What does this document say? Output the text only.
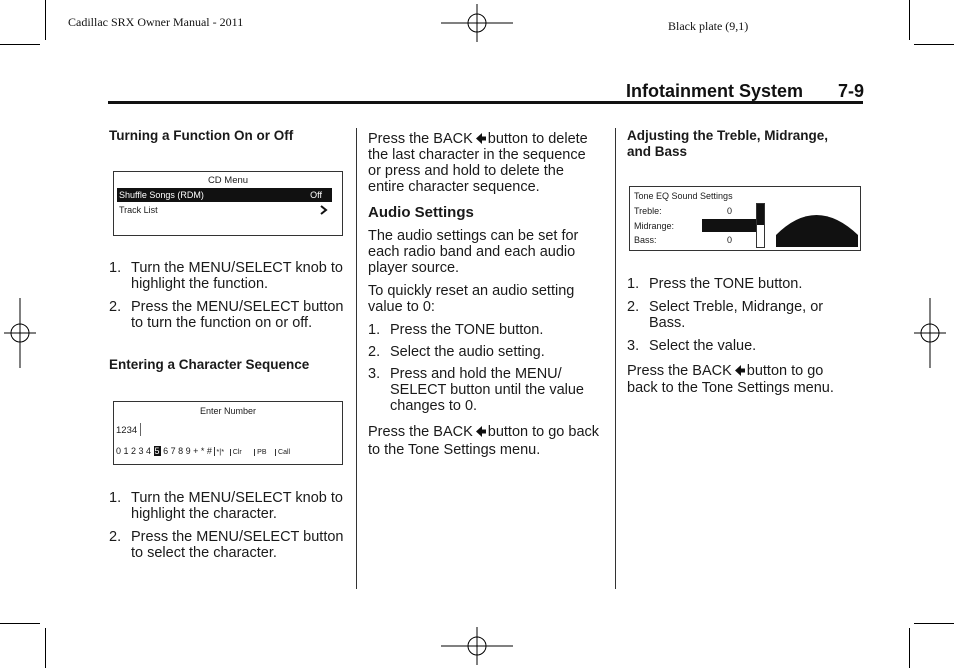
Cadillac SRX Owner Manual - 2011	Black plate (9,1)
Infotainment System 7-9
Turning a Function On or Off
CD Menu
Shuffle Songs (RDM)	Off
Track List
1. Turn the MENU/SELECT knob to highlight the function.
2. Press the MENU/SELECT button to turn the function on or off.
Entering a Character Sequence
Enter Number
1234
0 1 2 3 4 5 6 7 8 9 + * # *|* Clr PB Call
1. Turn the MENU/SELECT knob to highlight the character.
2. Press the MENU/SELECT button to select the character.

Press the BACK button to delete the last character in the sequence or press and hold to delete the entire character sequence.

Audio Settings

The audio settings can be set for each radio band and each audio player source.

To quickly reset an audio setting value to 0:

1. Press the TONE button.
2. Select the audio setting.
3. Press and hold the MENU/ SELECT button until the value changes to 0.

Press the BACK button to go back to the Tone Settings menu.

Adjusting the Treble, Midrange, and Bass
Tone EQ Sound Settings
Treble:	0
Midrange:
Bass:	0
1. Press the TONE button.
2. Select Treble, Midrange, or Bass.
3. Select the value.

Press the BACK button to go back to the Tone Settings menu.
